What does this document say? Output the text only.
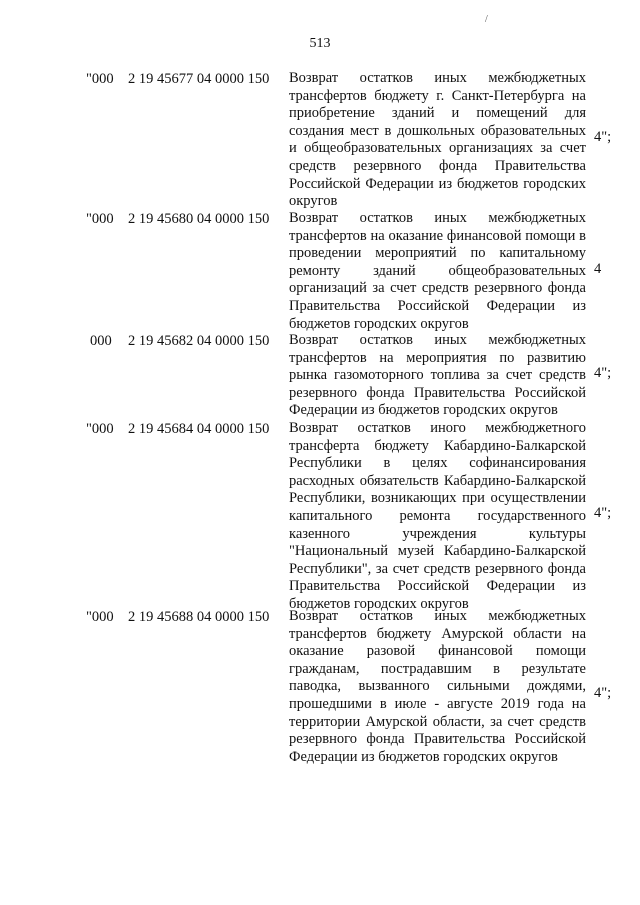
/
513
"000 2 19 45677 04 0000 150 Возврат остатков иных межбюджетных трансфертов бюджету г. Санкт-Петербурга на приобретение зданий и помещений для создания мест в дошкольных образовательных и общеобразовательных организациях за счет средств резервного фонда Правительства Российской Федерации из бюджетов городских округов
4";
"000 2 19 45680 04 0000 150 Возврат остатков иных межбюджетных трансфертов на оказание финансовой помощи в проведении мероприятий по капитальному ремонту зданий общеобразовательных организаций за счет средств резервного фонда Правительства Российской Федерации из бюджетов городских округов
4
000 2 19 45682 04 0000 150 Возврат остатков иных межбюджетных трансфертов на мероприятия по развитию рынка газомоторного топлива за счет средств резервного фонда Правительства Российской Федерации из бюджетов городских округов
4";
"000 2 19 45684 04 0000 150 Возврат остатков иного межбюджетного трансферта бюджету Кабардино-Балкарской Республики в целях софинансирования расходных обязательств Кабардино-Балкарской Республики, возникающих при осуществлении капитального ремонта государственного казенного учреждения культуры "Национальный музей Кабардино-Балкарской Республики", за счет средств резервного фонда Правительства Российской Федерации из бюджетов городских округов
4";
"000 2 19 45688 04 0000 150 Возврат остатков иных межбюджетных трансфертов бюджету Амурской области на оказание разовой финансовой помощи гражданам, пострадавшим в результате паводка, вызванного сильными дождями, прошедшими в июле - августе 2019 года на территории Амурской области, за счет средств резервного фонда Правительства Российской Федерации из бюджетов городских округов
4";
